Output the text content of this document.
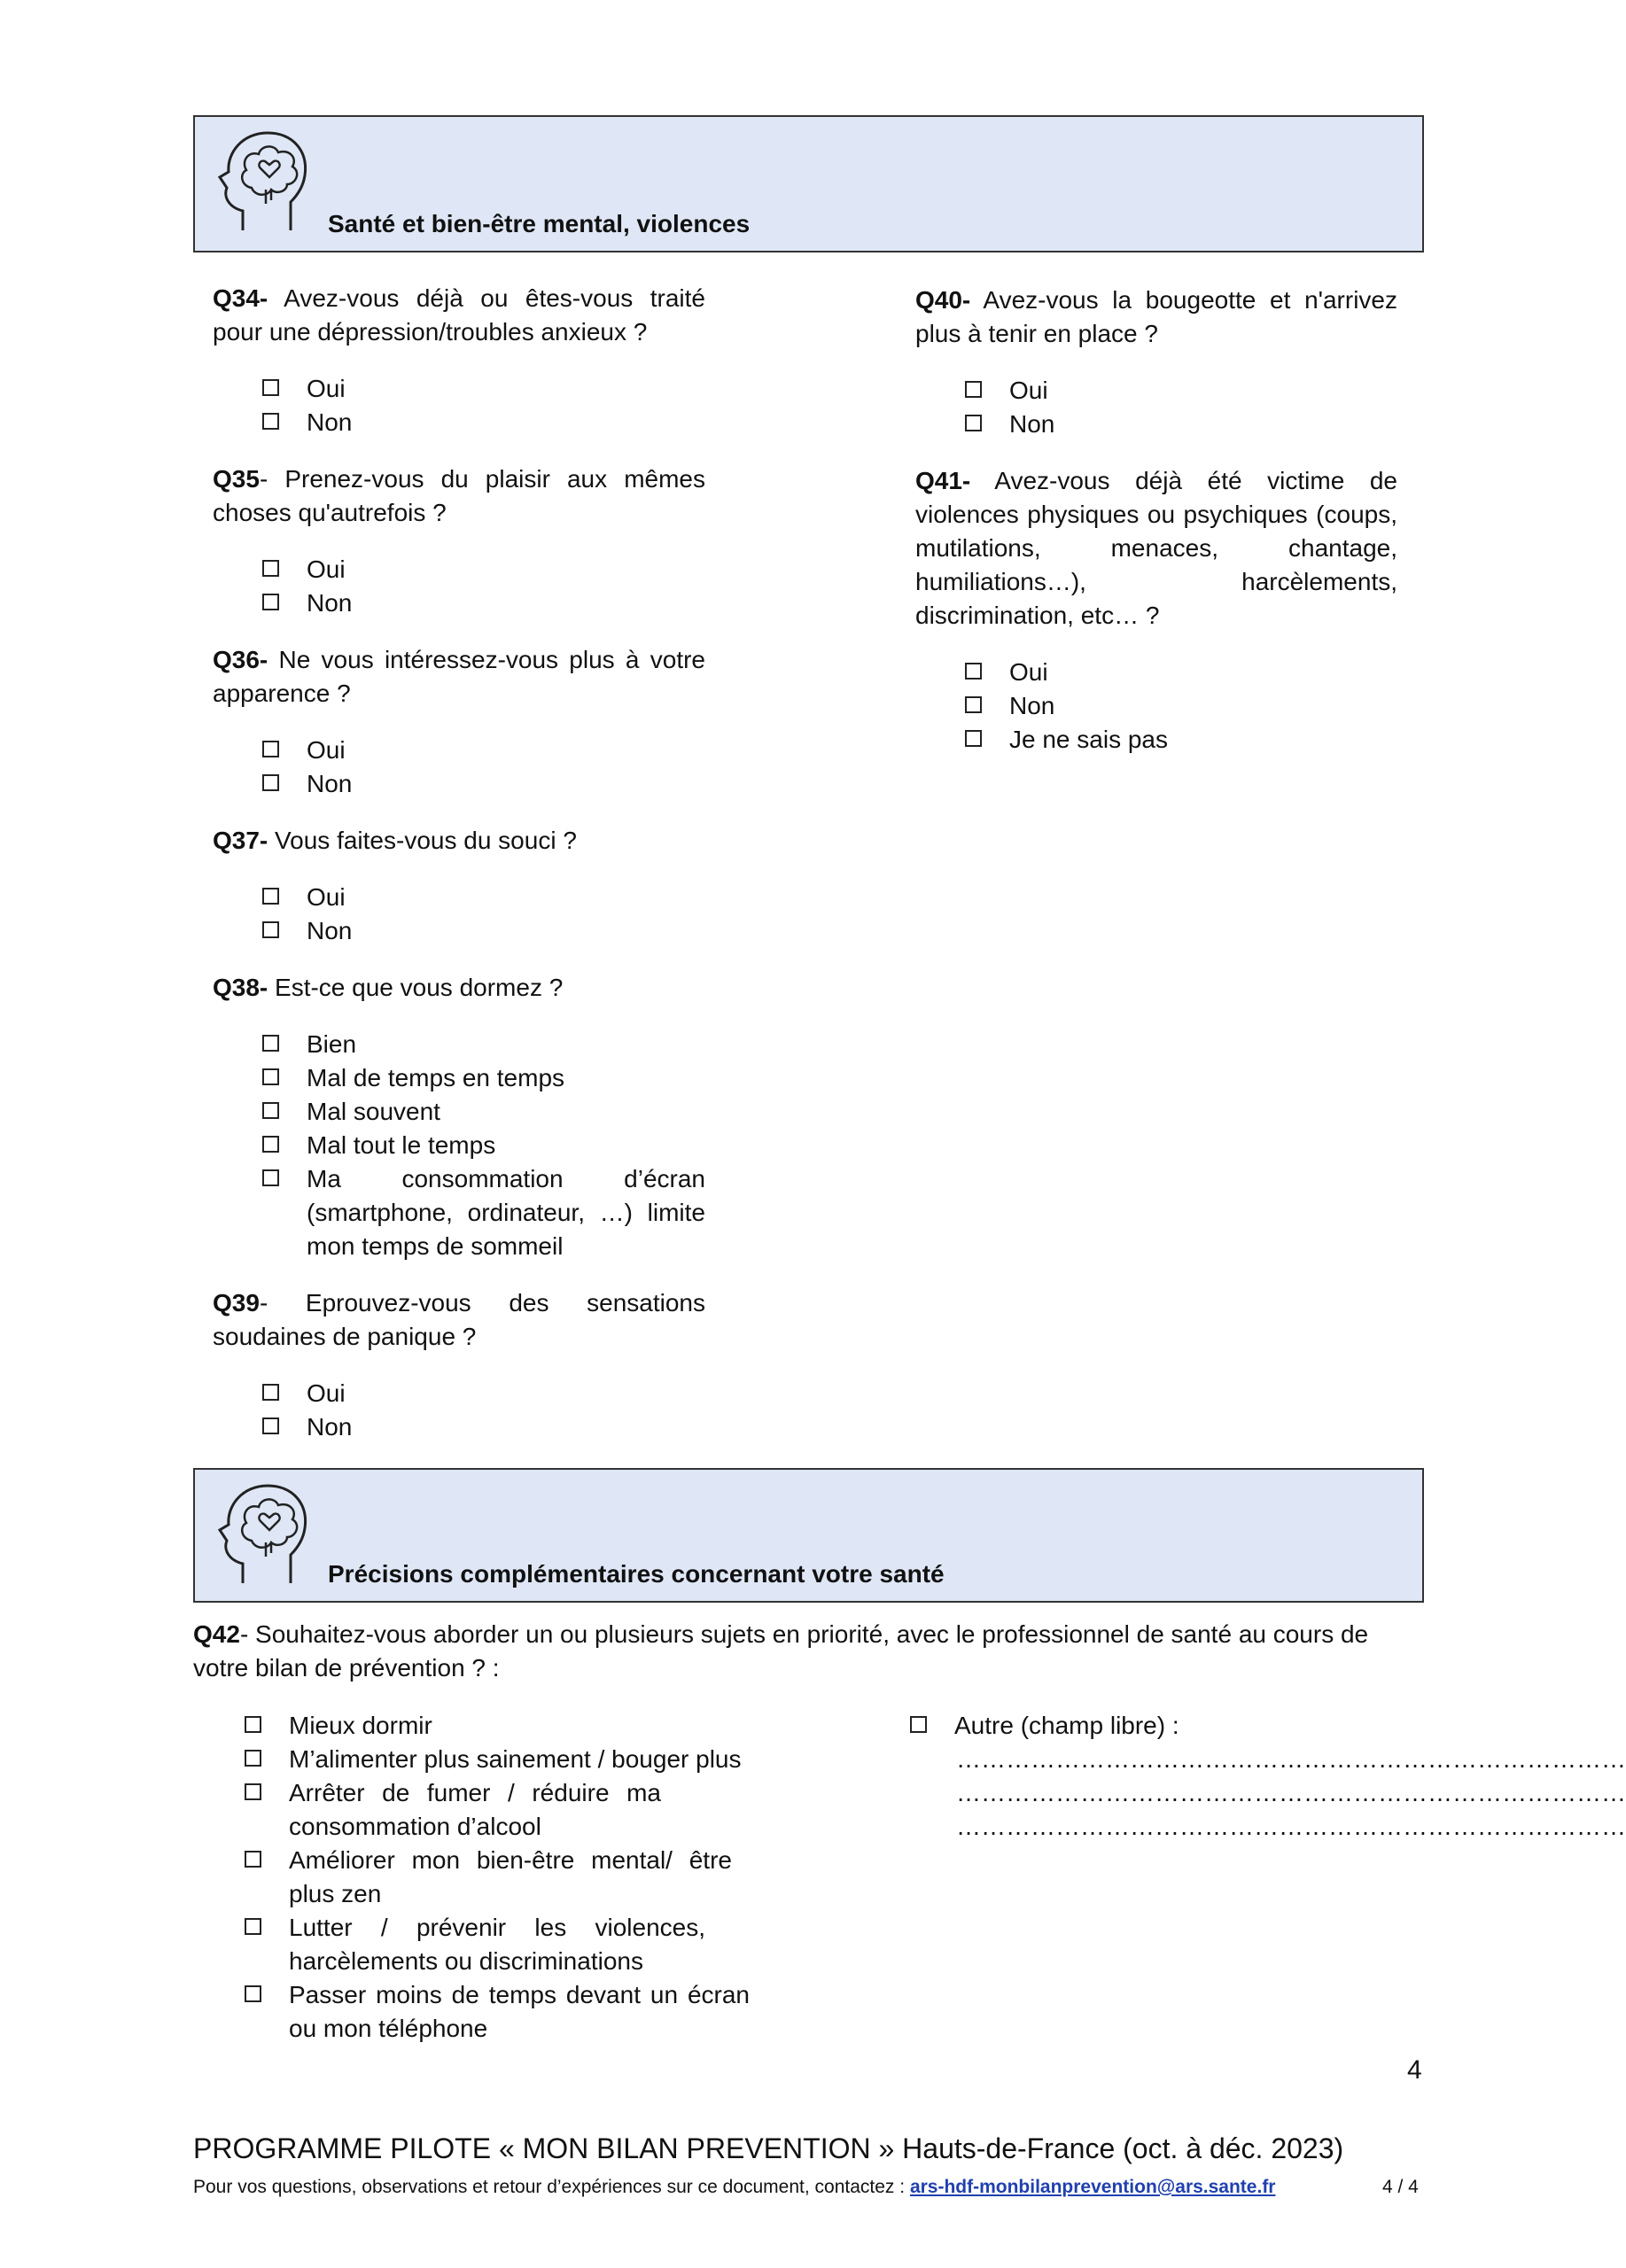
Santé et bien-être mental, violences

Q34- Avez-vous déjà ou êtes-vous traité pour une dépression/troubles anxieux ?

Oui
Non

Q35- Prenez-vous du plaisir aux mêmes choses qu'autrefois ?

Oui
Non

Q36- Ne vous intéressez-vous plus à votre apparence ?

Oui
Non

Q37- Vous faites-vous du souci ?

Oui
Non

Q38- Est-ce que vous dormez ?

Bien
Mal de temps en temps
Mal souvent
Mal tout le temps
Ma consommation d’écran (smartphone, ordinateur, …) limite mon temps de sommeil

Q39- Eprouvez-vous des sensations soudaines de panique ?

Oui
Non

Q40- Avez-vous la bougeotte et n'arrivez plus à tenir en place ?

Oui
Non

Q41- Avez-vous déjà été victime de violences physiques ou psychiques (coups, mutilations, menaces, chantage, humiliations…), harcèlements, discrimination, etc… ?

Oui
Non
Je ne sais pas
Précisions complémentaires concernant votre santé

Q42- Souhaitez-vous aborder un ou plusieurs sujets en priorité, avec le professionnel de santé au cours de votre bilan de prévention ? :

Mieux dormir
M’alimenter plus sainement / bouger plus
Arrêter de fumer / réduire ma consommation d’alcool
Améliorer mon bien-être mental/ être plus zen
Lutter / prévenir les violences, harcèlements ou discriminations
Passer moins de temps devant un écran ou mon téléphone
Autre (champ libre) :
………………………………………………………………………
………………………………………………………………………
………………………………………………………………………
4
PROGRAMME PILOTE « MON BILAN PREVENTION » Hauts-de-France (oct. à déc. 2023)
Pour vos questions, observations et retour d’expériences sur ce document, contactez : ars-hdf-monbilanprevention@ars.sante.fr	4 / 4
